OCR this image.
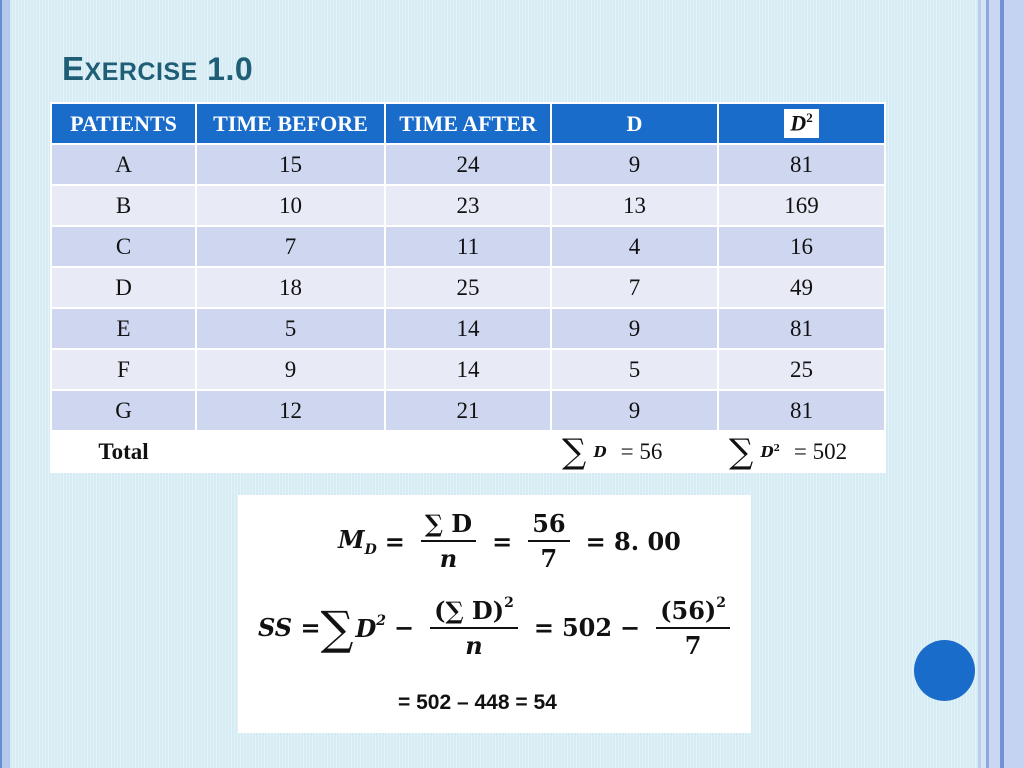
EXERCISE 1.0
PATIENTS	TIME BEFORE	TIME AFTER	D	$D^2$
A	15	24	9	81
B	10	23	13	169
C	7	11	4	16
D	18	25	7	49
E	5	14	9	81
F	9	14	5	25
G	12	21	9	81
Total			∑ $^D$ = 56	∑ $^{D^2}$ = 502
$M_D = \frac{\sum D}{n} = \frac{56}{7} = 8$. 00
SS = ∑ $D^2 - \frac{(\sum D)^2}{n} = 502 - \frac{(56)^2}{7}$
= 502 – 448 = 54
